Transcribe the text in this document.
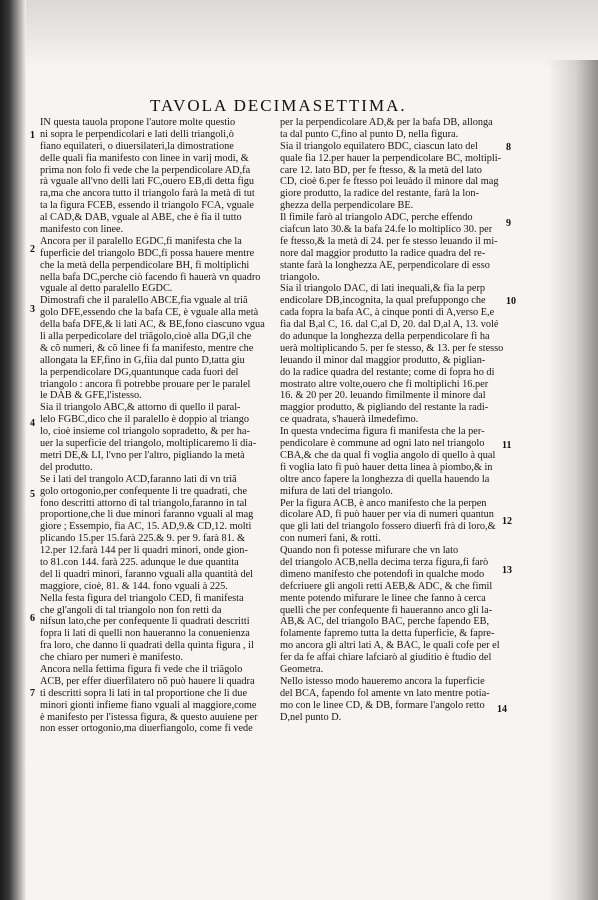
TAVOLA DECIMASETTIMA.
IN questa tauola propone l'autore molte questio
ni sopra le perpendicolari e lati delli triangoli,ò
fiano equilateri, o diuersilateri,la dimostratione
delle quali fia manifesto con linee in varij modi, &
prima non folo fi vede che la perpendicolare AD,fa
rà vguale all'vno delli lati FC,ouero EB,di detta figu
ra,ma che ancora tutto il triangolo farà la metà di tut
ta la figura FCEB, essendo il triangolo FCA, vguale
al CAD,& DAB, vguale al ABE, che è fia il tutto
manifesto con linee.
Ancora per il paralello EGDC,fi manifesta che la
fuperficie del triangolo BDC,fi possa hauere mentre
che la metà della perpendicolare BH, fi moltiplichi
nella bafa DC,perche ciò facendo fi hauerà vn quadro
vguale al detto paralello EGDC.
Dimostrafi che il paralello ABCE,fia vguale al triã
golo DFE,essendo che la bafa CE, è vguale alla metà
della bafa DFE,& li lati AC, & BE,fono ciascuno vgua
li alla perpedicolare del triãgolo,cioè alla DG,il che
& cõ numeri, & cõ linee fi fa manifesto, mentre che
allongata la EF,fino in G,fiia dal punto D,tatta giu
la perpendicolare DG,quantunque cada fuori del
triangolo : ancora fi potrebbe prouare per le paralel
le DAB & GFE,l'istesso.
Sia il triangolo ABC,& attorno di quello il paral-
lelo FGBC,dico che il paralello è doppio al triango
lo, cioè insieme col triangolo sopradetto, & per ha-
uer la superficie del triangolo, moltiplicaremo li dia-
metri DE,& LI, l'vno per l'altro, pigliando la metà
del produtto.
Se i lati del trangolo ACD,faranno lati di vn triã
golo ortogonio,per confequente li tre quadrati, che
fono descritti attorno di tal triangolo,faranno in tal
proportione,che li due minori faranno vguali al mag
giore ; Essempio, fia AC, 15. AD,9.& CD,12. molti
plicando 15.per 15.farà 225.& 9. per 9. farà 81. &
12.per 12.farà 144 per li quadri minori, onde gion-
to 81.con 144. farà 225. adunque le due quantita
del li quadri minori, faranno vguali alla quantità del
maggiore, cioè, 81. & 144. fono vguali à 225.
Nella festa figura del triangolo CED, fi manifesta
che gl'angoli di tal triangolo non fon retti da
nifsun lato,che per confequente li quadrati descritti
fopra li lati di quelli non haueranno la conuenienza
fra loro, che danno li quadrati della quinta figura , il
che chiaro per numeri è manifesto.
Ancora nella fettima figura fi vede che il triãgolo
ACB, per effer diuerfilatero nõ può hauere li quadra
ti descritti sopra li lati in tal proportione che li due
minori gionti infieme fiano vguali al maggiore,come
è manifesto per l'istessa figura, & questo auuiene per
non esser ortogonio,ma diuerfiangolo, come fi vede
per la perpendicolare AD,& per la bafa DB, allonga
ta dal punto C,fino al punto D, nella figura.
Sia il triangolo equilatero BDC, ciascun lato del
quale fia 12.per hauer la perpendicolare BC, moltipli-
care 12. lato BD, per fe ftesso, & la metà del lato
CD, cioè 6.per fe ftesso poi leuàdo il minore dal mag
giore produtto, la radice del restante, farà la lon-
ghezza della perpendicolare BE.
Il fimile farò al triangolo ADC, perche effendo
ciafcun lato 30.& la bafa 24.fe lo moltiplico 30. per
fe ftesso,& la metà di 24. per fe stesso leuando il mi-
nore dal maggior produtto la radice quadra del re-
stante farà la longhezza AE, perpendicolare di esso
triangolo.
Sia il triangolo DAC, di lati inequali,& fia la perp
endicolare DB,incognita, la qual prefuppongo che
cada fopra la bafa AC, à cinque ponti di A,verso E,e
fia dal B,al C, 16. dal C,al D, 20. dal D,al A, 13. volé
do adunque la longhezza della perpendicolare fi ha
uerà moltiplicando 5. per fe stesso, & 13. per fe stesso
leuando il minor dal maggior produtto, & piglian-
do la radice quadra del restante; come di fopra ho di
mostrato altre volte,ouero che fi moltiplichi 16.per
16. & 20 per 20. leuando fimilmente il minore dal
maggior produtto, & pigliando del restante la radi-
ce quadrata, s'hauerà ilmedefimo.
In questa vndecima figura fi manifesta che la per-
pendicolare è commune ad ogni lato nel triangolo
CBA,& che da qual fi voglia angolo di quello à qual
fi voglia lato fi può hauer detta linea à piombo,& in
oltre anco fapere la longhezza di quella hauendo la
mifura de lati del triangolo.
Per la figura ACB, è anco manifesto che la perpen
dicolare AD, fi può hauer per via di numeri quantun
que gli lati del triangolo fossero diuerfi frà di loro,&
con numeri fani, & rotti.
Quando non fi potesse mifurare che vn lato
del triangolo ACB,nella decima terza figura,fi farò
dimeno manifesto che potendofi in qualche modo
defcriuere gli angoli retti AEB,& ADC, & che fimil
mente potendo mifurare le linee che fanno à cerca
quelli che per confequente fi haueranno anco gli la-
AB,& AC, del triangolo BAC, perche fapendo EB,
folamente fapremo tutta la detta fuperficie, & fapre-
mo ancora gli altri lati A, & BAC, le quali cofe per el
fer da fe affai chiare lafciarò al giuditio è ftudio del
Geometra.
Nello istesso modo haueremo ancora la fuperficie
del BCA, fapendo fol amente vn lato mentre potia-
mo con le linee CD, & DB, formare l'angolo retto
D,nel punto D.
1
2
3
4
5
6
7
8
9
10
11
12
13
14
